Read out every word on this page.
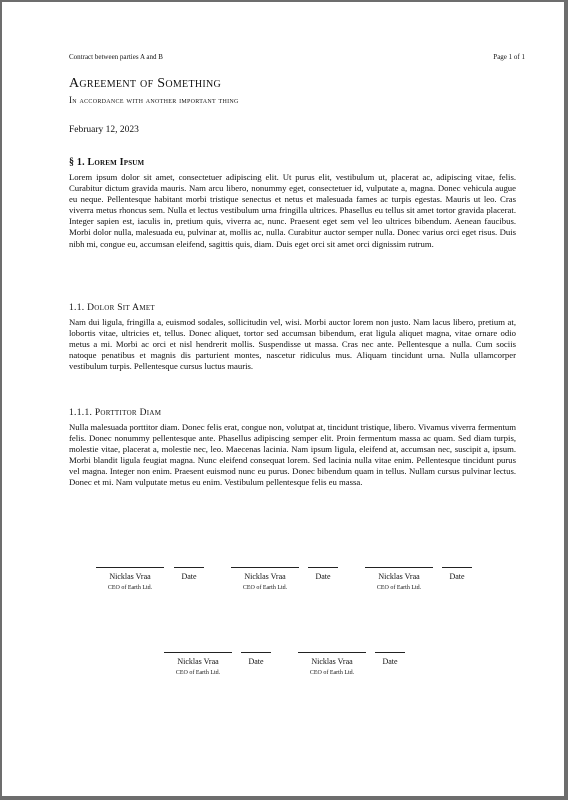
Contract between parties A and B	Page 1 of 1
Agreement of Something
In accordance with another important thing
February 12, 2023
§ 1. Lorem Ipsum

Lorem ipsum dolor sit amet, consectetuer adipiscing elit. Ut purus elit, vestibulum ut, placerat ac, adipiscing vitae, felis. Curabitur dictum gravida mauris. Nam arcu libero, nonummy eget, consectetuer id, vulputate a, magna. Donec vehicula augue eu neque. Pellentesque habitant morbi tristique senectus et netus et malesuada fames ac turpis egestas. Mauris ut leo. Cras viverra metus rhoncus sem. Nulla et lectus vestibulum urna fringilla ultrices. Phasellus eu tellus sit amet tortor gravida placerat. Integer sapien est, iaculis in, pretium quis, viverra ac, nunc. Praesent eget sem vel leo ultrices bibendum. Aenean faucibus. Morbi dolor nulla, malesuada eu, pulvinar at, mollis ac, nulla. Curabitur auctor semper nulla. Donec varius orci eget risus. Duis nibh mi, congue eu, accumsan eleifend, sagittis quis, diam. Duis eget orci sit amet orci dignissim rutrum.

1.1. Dolor Sit Amet

Nam dui ligula, fringilla a, euismod sodales, sollicitudin vel, wisi. Morbi auctor lorem non justo. Nam lacus libero, pretium at, lobortis vitae, ultricies et, tellus. Donec aliquet, tortor sed accumsan bibendum, erat ligula aliquet magna, vitae ornare odio metus a mi. Morbi ac orci et nisl hendrerit mollis. Suspendisse ut massa. Cras nec ante. Pellentesque a nulla. Cum sociis natoque penatibus et magnis dis parturient montes, nascetur ridiculus mus. Aliquam tincidunt urna. Nulla ullamcorper vestibulum turpis. Pellentesque cursus luctus mauris.

1.1.1. Porttitor Diam

Nulla malesuada porttitor diam. Donec felis erat, congue non, volutpat at, tincidunt tristique, libero. Vivamus viverra fermentum felis. Donec nonummy pellentesque ante. Phasellus adipiscing semper elit. Proin fermentum massa ac quam. Sed diam turpis, molestie vitae, placerat a, molestie nec, leo. Maecenas lacinia. Nam ipsum ligula, eleifend at, accumsan nec, suscipit a, ipsum. Morbi blandit ligula feugiat magna. Nunc eleifend consequat lorem. Sed lacinia nulla vitae enim. Pellentesque tincidunt purus vel magna. Integer non enim. Praesent euismod nunc eu purus. Donec bibendum quam in tellus. Nullam cursus pulvinar lectus. Donec et mi. Nam vulputate metus eu enim. Vestibulum pellentesque felis eu massa.

Nicklas Vraa
CEO of Earth Ltd.
Date	Nicklas Vraa
CEO of Earth Ltd.
Date	Nicklas Vraa
CEO of Earth Ltd.
Date
Nicklas Vraa
CEO of Earth Ltd.
Date	Nicklas Vraa
CEO of Earth Ltd.
Date
